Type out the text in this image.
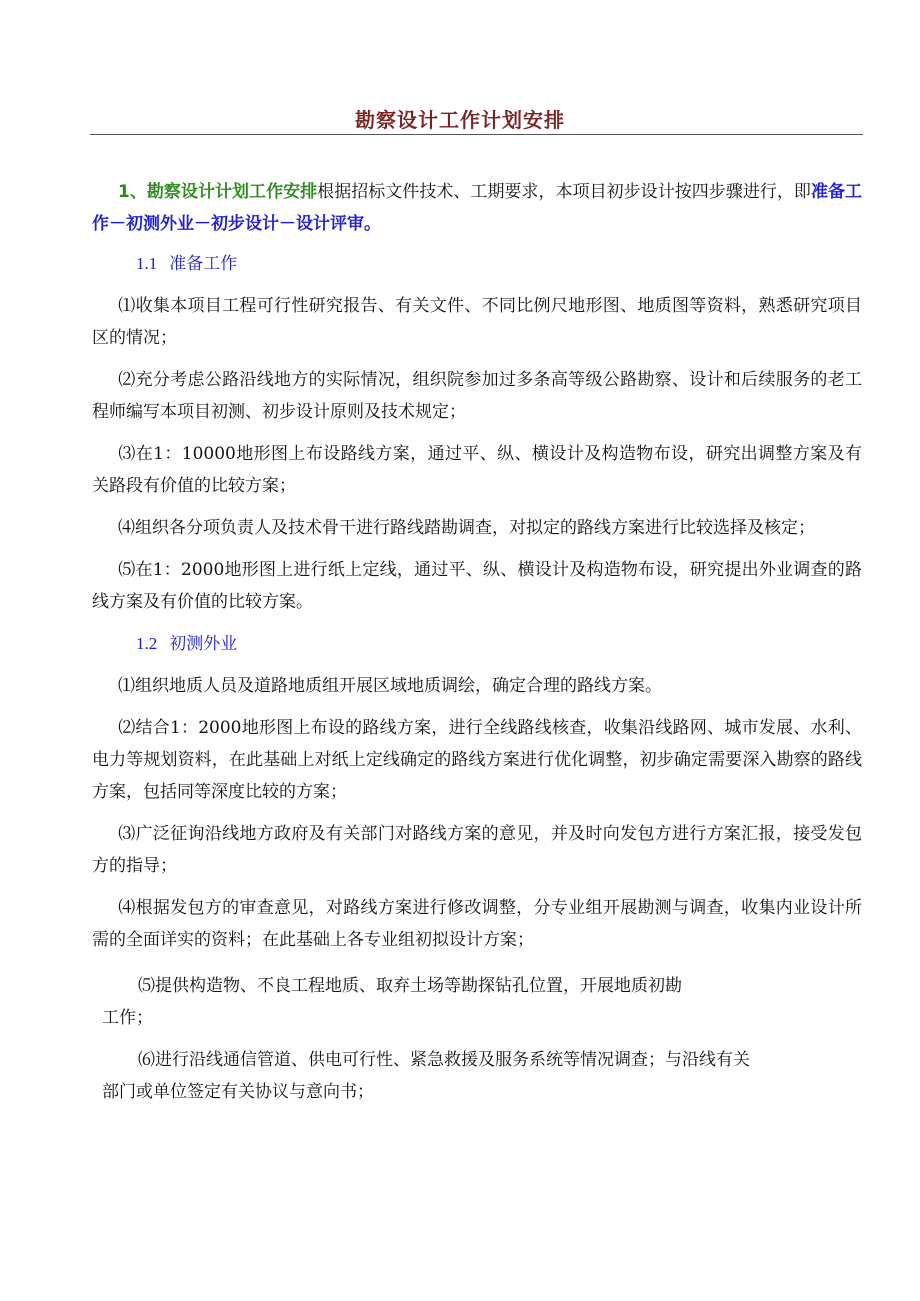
勘察设计工作计划安排

1、勘察设计计划工作安排根据招标文件技术、工期要求，本项目初步设计按四步骤进行，即准备工作－初测外业－初步设计－设计评审。

1.1 准备工作

⑴收集本项目工程可行性研究报告、有关文件、不同比例尺地形图、地质图等资料，熟悉研究项目区的情况；

⑵充分考虑公路沿线地方的实际情况，组织院参加过多条高等级公路勘察、设计和后续服务的老工程师编写本项目初测、初步设计原则及技术规定；

⑶在1：10000地形图上布设路线方案，通过平、纵、横设计及构造物布设，研究出调整方案及有关路段有价值的比较方案；

⑷组织各分项负责人及技术骨干进行路线踏勘调查，对拟定的路线方案进行比较选择及核定；

⑸在1：2000地形图上进行纸上定线，通过平、纵、横设计及构造物布设，研究提出外业调查的路线方案及有价值的比较方案。

1.2 初测外业

⑴组织地质人员及道路地质组开展区域地质调绘，确定合理的路线方案。

⑵结合1：2000地形图上布设的路线方案，进行全线路线核查，收集沿线路网、城市发展、水利、电力等规划资料，在此基础上对纸上定线确定的路线方案进行优化调整，初步确定需要深入勘察的路线方案，包括同等深度比较的方案；

⑶广泛征询沿线地方政府及有关部门对路线方案的意见，并及时向发包方进行方案汇报，接受发包方的指导；

⑷根据发包方的审查意见，对路线方案进行修改调整，分专业组开展勘测与调查，收集内业设计所需的全面详实的资料；在此基础上各专业组初拟设计方案；

⑸提供构造物、不良工程地质、取弃土场等勘探钻孔位置，开展地质初勘
工作；

⑹进行沿线通信管道、供电可行性、紧急救援及服务系统等情况调查；与沿线有关
部门或单位签定有关协议与意向书；
